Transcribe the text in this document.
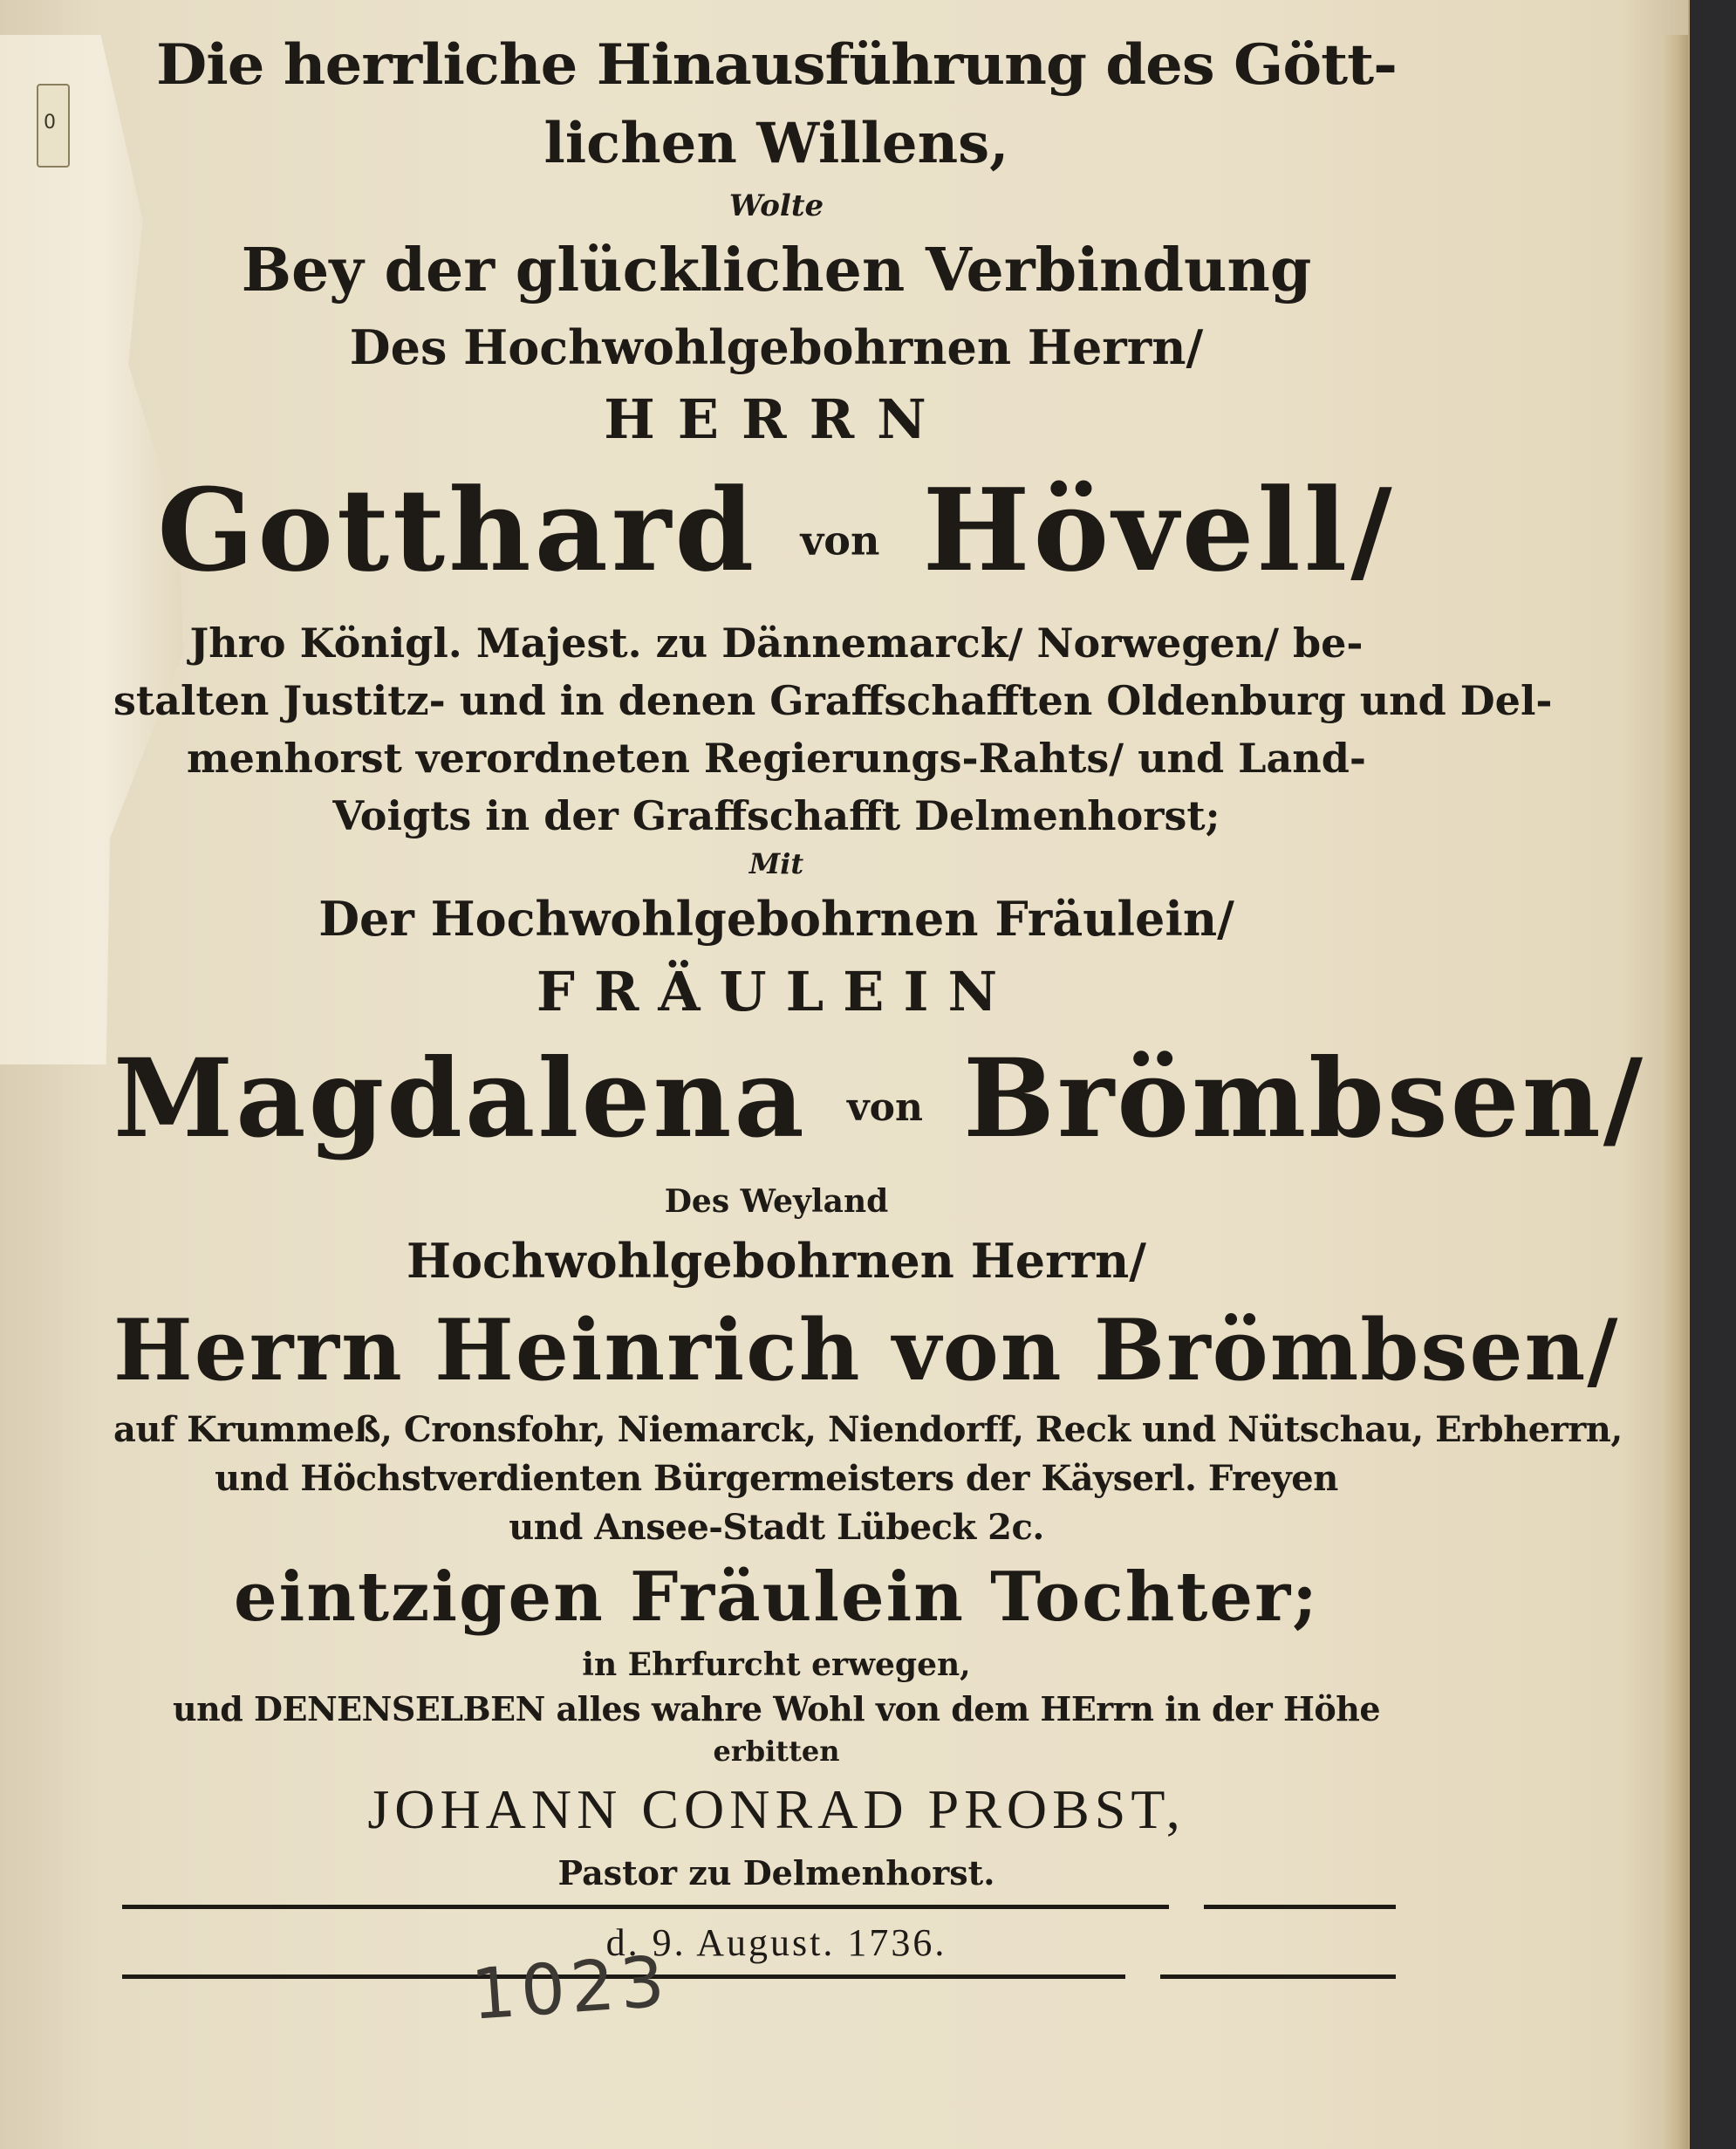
0
Die herrliche Hinausführung des Gött-
lichen Willens,
Wolte
Bey der glücklichen Verbindung
Des Hochwohlgebohrnen Herrn/
HERRN
Gotthard von Hövell/
Jhro Königl. Majest. zu Dännemarck/ Norwegen/ be-
stalten Justitz- und in denen Graffschafften Oldenburg und Del-
menhorst verordneten Regierungs-Rahts/ und Land-
Voigts in der Graffschafft Delmenhorst;
Mit
Der Hochwohlgebohrnen Fräulein/
FRÄULEIN
Magdalena von Brömbsen/
Des Weyland
Hochwohlgebohrnen Herrn/
Herrn Heinrich von Brömbsen/
auf Krummeß, Cronsfohr, Niemarck, Niendorff, Reck und Nütschau, Erbherrn,
und Höchstverdienten Bürgermeisters der Käyserl. Freyen
und Ansee-Stadt Lübeck 2c.
eintzigen Fräulein Tochter;
in Ehrfurcht erwegen,
und DENENSELBEN alles wahre Wohl von dem HErrn in der Höhe
erbitten
JOHANN CONRAD PROBST,
Pastor zu Delmenhorst.
d. 9. August. 1736.
1023
